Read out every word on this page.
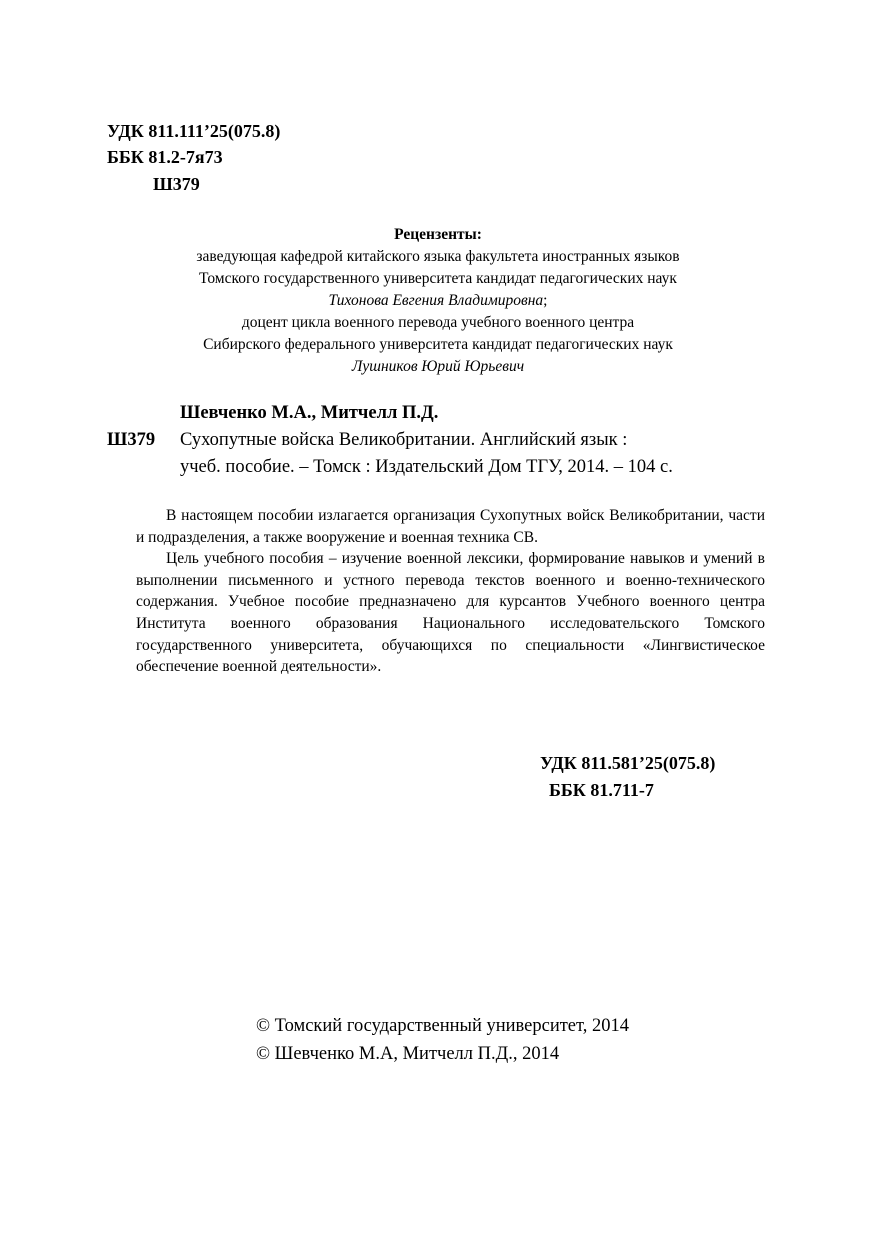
УДК 811.111’25(075.8)
ББК 81.2-7я73
Ш379
Рецензенты:
заведующая кафедрой китайского языка факультета иностранных языков
Томского государственного университета кандидат педагогических наук
Тихонова Евгения Владимировна;
доцент цикла военного перевода учебного военного центра
Сибирского федерального университета кандидат педагогических наук
Лушников Юрий Юрьевич
Шевченко М.А., Митчелл П.Д.
Ш379 Сухопутные войска Великобритании. Английский язык :
учеб. пособие. – Томск : Издательский Дом ТГУ, 2014. – 104 с.

В настоящем пособии излагается организация Сухопутных войск Великобритании, части и подразделения, а также вооружение и военная техника СВ.

Цель учебного пособия – изучение военной лексики, формирование навыков и умений в выполнении письменного и устного перевода текстов военного и военно-технического содержания. Учебное пособие предназначено для курсантов Учебного военного центра Института военного образования Национального исследовательского Томского государственного университета, обучающихся по специальности «Лингвистическое обеспечение военной деятельности».

УДК 811.581’25(075.8)
ББК 81.711-7
© Томский государственный университет, 2014
© Шевченко М.А, Митчелл П.Д., 2014
